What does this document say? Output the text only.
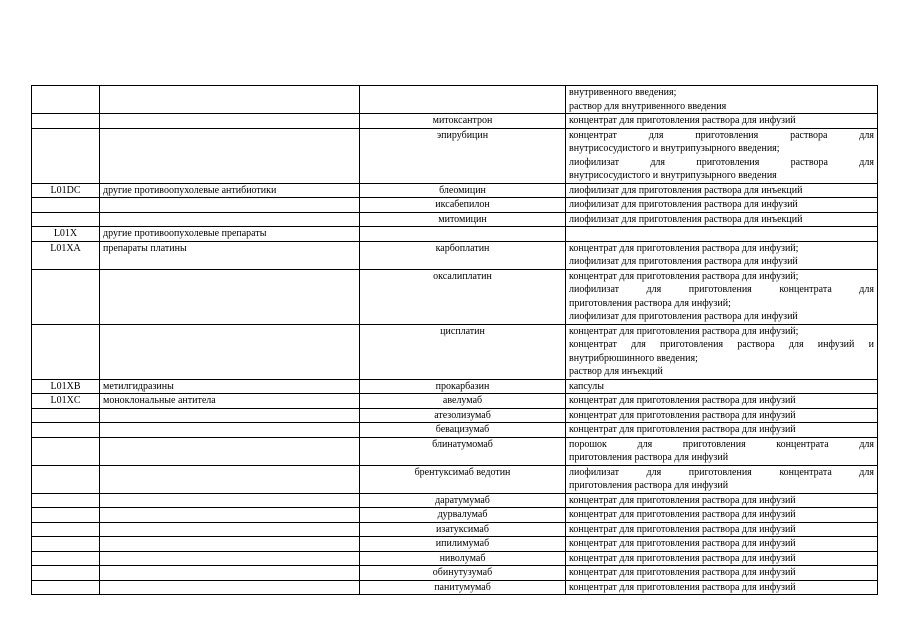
			внутривенного введения;
раствор для внутривенного введения

		митоксантрон	концентрат для приготовления раствора для инфузий

		эпирубицин	концентрат для приготовления раствора для
внутрисосудистого и внутрипузырного введения;
лиофилизат для приготовления раствора для
внутрисосудистого и внутрипузырного введения

L01DC	другие противоопухолевые антибиотики	блеомицин	лиофилизат для приготовления раствора для инъекций

		иксабепилон	лиофилизат для приготовления раствора для инфузий

		митомицин	лиофилизат для приготовления раствора для инъекций

L01X	другие противоопухолевые препараты		

L01XA	препараты платины	карбоплатин	концентрат для приготовления раствора для инфузий;
лиофилизат для приготовления раствора для инфузий

		оксалиплатин	концентрат для приготовления раствора для инфузий;
лиофилизат для приготовления концентрата для
приготовления раствора для инфузий;
лиофилизат для приготовления раствора для инфузий

		цисплатин	концентрат для приготовления раствора для инфузий;
концентрат для приготовления раствора для инфузий и
внутрибрюшинного введения;
раствор для инъекций

L01XB	метилгидразины	прокарбазин	капсулы

L01XC	моноклональные антитела	авелумаб	концентрат для приготовления раствора для инфузий

		атезолизумаб	концентрат для приготовления раствора для инфузий

		бевацизумаб	концентрат для приготовления раствора для инфузий

		блинатумомаб	порошок для приготовления концентрата для
приготовления раствора для инфузий

		брентуксимаб ведотин	лиофилизат для приготовления концентрата для
приготовления раствора для инфузий

		даратумумаб	концентрат для приготовления раствора для инфузий

		дурвалумаб	концентрат для приготовления раствора для инфузий

		изатуксимаб	концентрат для приготовления раствора для инфузий

		ипилимумаб	концентрат для приготовления раствора для инфузий

		ниволумаб	концентрат для приготовления раствора для инфузий

		обинутузумаб	концентрат для приготовления раствора для инфузий

		панитумумаб	концентрат для приготовления раствора для инфузий
